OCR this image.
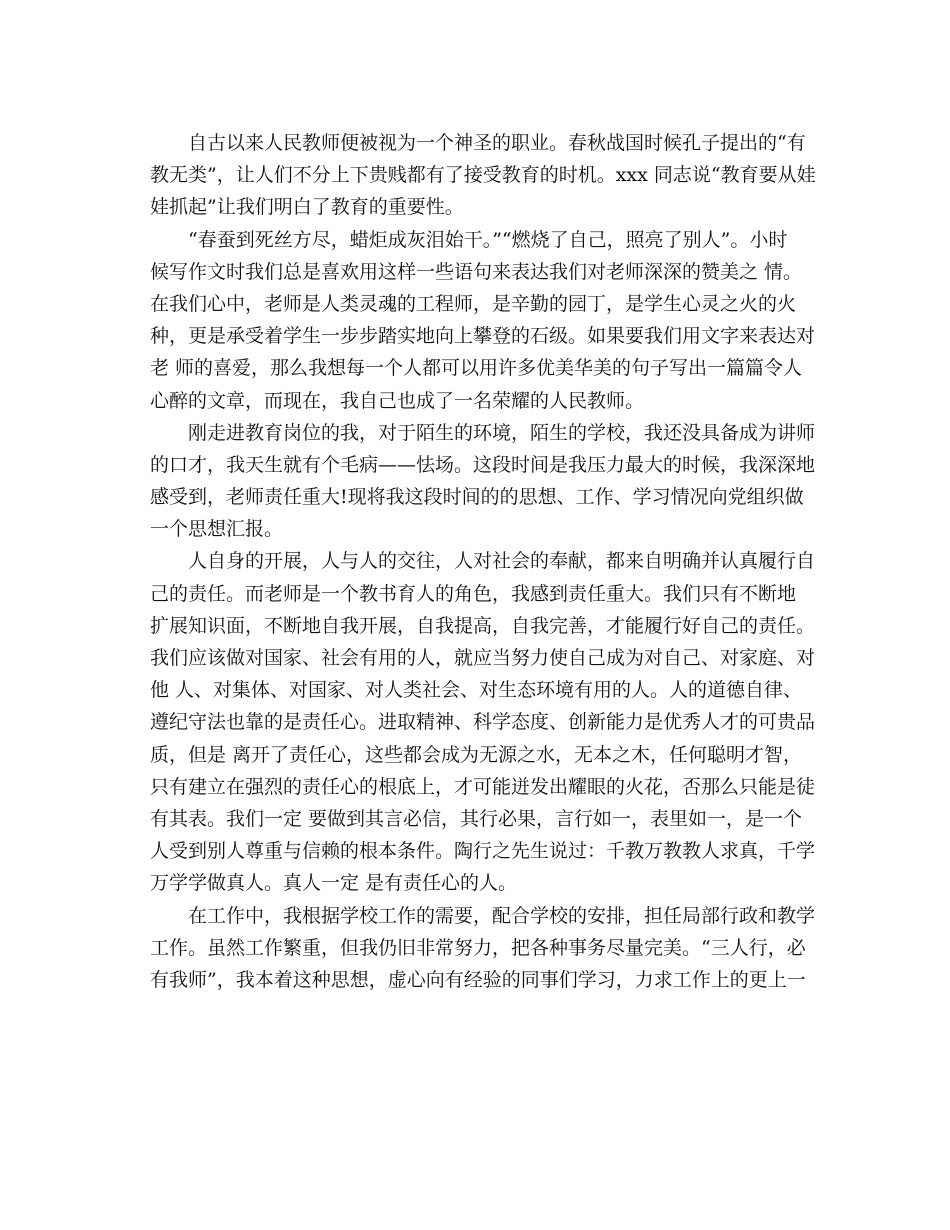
自古以来人民教师便被视为一个神圣的职业。春秋战国时候孔子提出的“有
教无类”，让人们不分上下贵贱都有了接受教育的时机。xxx 同志说“教育要从娃
娃抓起”让我们明白了教育的重要性。
“春蚕到死丝方尽，蜡炬成灰泪始干。”“燃烧了自己，照亮了别人”。小时
候写作文时我们总是喜欢用这样一些语句来表达我们对老师深深的赞美之 情。
在我们心中，老师是人类灵魂的工程师，是辛勤的园丁，是学生心灵之火的火
种，更是承受着学生一步步踏实地向上攀登的石级。如果要我们用文字来表达对
老 师的喜爱，那么我想每一个人都可以用许多优美华美的句子写出一篇篇令人
心醉的文章，而现在，我自己也成了一名荣耀的人民教师。
刚走进教育岗位的我，对于陌生的环境，陌生的学校，我还没具备成为讲师
的口才，我天生就有个毛病——怯场。这段时间是我压力最大的时候，我深深地
感受到，老师责任重大!现将我这段时间的的思想、工作、学习情况向党组织做
一个思想汇报。
人自身的开展，人与人的交往，人对社会的奉献，都来自明确并认真履行自
己的责任。而老师是一个教书育人的角色，我感到责任重大。我们只有不断地
扩展知识面，不断地自我开展，自我提高，自我完善，才能履行好自己的责任。
我们应该做对国家、社会有用的人，就应当努力使自己成为对自己、对家庭、对
他 人、对集体、对国家、对人类社会、对生态环境有用的人。人的道德自律、
遵纪守法也靠的是责任心。进取精神、科学态度、创新能力是优秀人才的可贵品
质，但是 离开了责任心，这些都会成为无源之水，无本之木，任何聪明才智，
只有建立在强烈的责任心的根底上，才可能迸发出耀眼的火花，否那么只能是徒
有其表。我们一定 要做到其言必信，其行必果，言行如一，表里如一，是一个
人受到别人尊重与信赖的根本条件。陶行之先生说过：千教万教教人求真，千学
万学学做真人。真人一定 是有责任心的人。
在工作中，我根据学校工作的需要，配合学校的安排，担任局部行政和教学
工作。虽然工作繁重，但我仍旧非常努力，把各种事务尽量完美。“三人行，必
有我师”，我本着这种思想，虚心向有经验的同事们学习，力求工作上的更上一
